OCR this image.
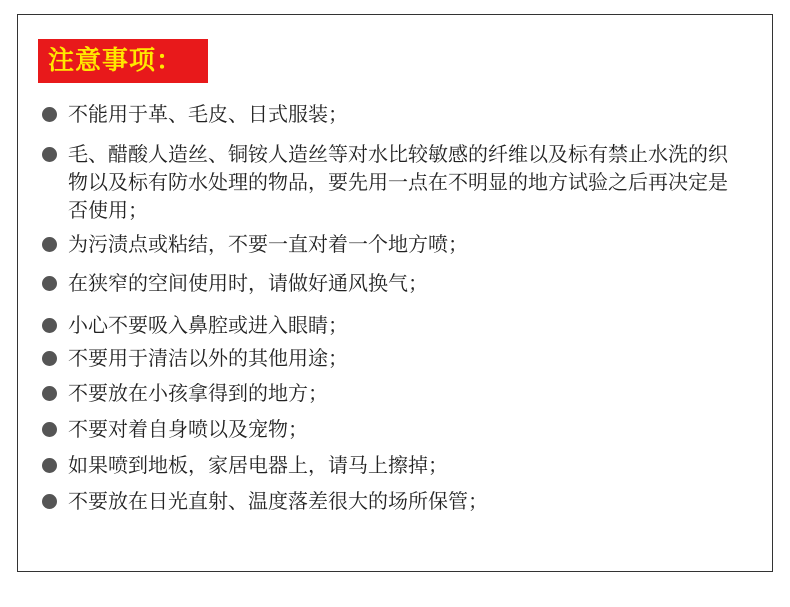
注意事项：
不能用于革、毛皮、日式服装；
毛、醋酸人造丝、铜铵人造丝等对水比较敏感的纤维以及标有禁止水洗的织物以及标有防水处理的物品，要先用一点在不明显的地方试验之后再决定是否使用；
为污渍点或粘结，不要一直对着一个地方喷；
在狭窄的空间使用时，请做好通风换气；
小心不要吸入鼻腔或进入眼睛；
不要用于清洁以外的其他用途；
不要放在小孩拿得到的地方；
不要对着自身喷以及宠物；
如果喷到地板，家居电器上，请马上擦掉；
不要放在日光直射、温度落差很大的场所保管；
